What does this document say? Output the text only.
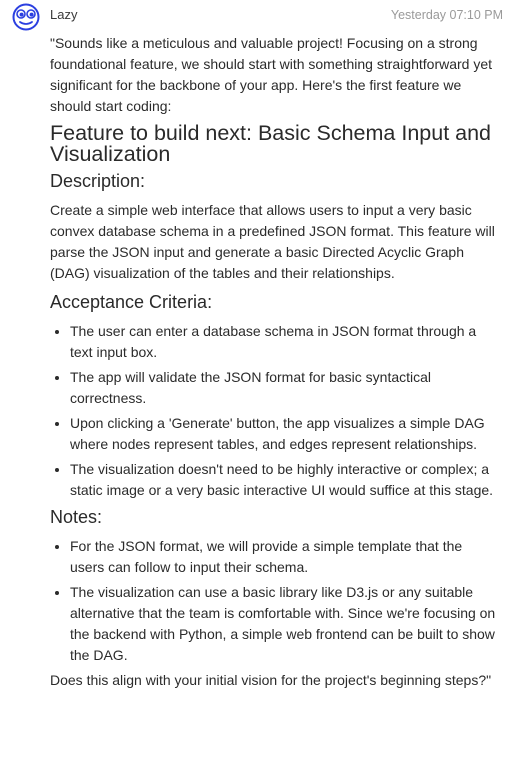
Lazy	Yesterday 07:10 PM

"Sounds like a meticulous and valuable project! Focusing on a strong foundational feature, we should start with something straightforward yet significant for the backbone of your app. Here's the first feature we should start coding:

Feature to build next: Basic Schema Input and Visualization
Description:

Create a simple web interface that allows users to input a very basic convex database schema in a predefined JSON format. This feature will parse the JSON input and generate a basic Directed Acyclic Graph (DAG) visualization of the tables and their relationships.

Acceptance Criteria:
• The user can enter a database schema in JSON format through a text input box.
• The app will validate the JSON format for basic syntactical correctness.
• Upon clicking a 'Generate' button, the app visualizes a simple DAG where nodes represent tables, and edges represent relationships.
• The visualization doesn't need to be highly interactive or complex; a static image or a very basic interactive UI would suffice at this stage.
Notes:
• For the JSON format, we will provide a simple template that the users can follow to input their schema.
• The visualization can use a basic library like D3.js or any suitable alternative that the team is comfortable with. Since we're focusing on the backend with Python, a simple web frontend can be built to show the DAG.

Does this align with your initial vision for the project's beginning steps?"
